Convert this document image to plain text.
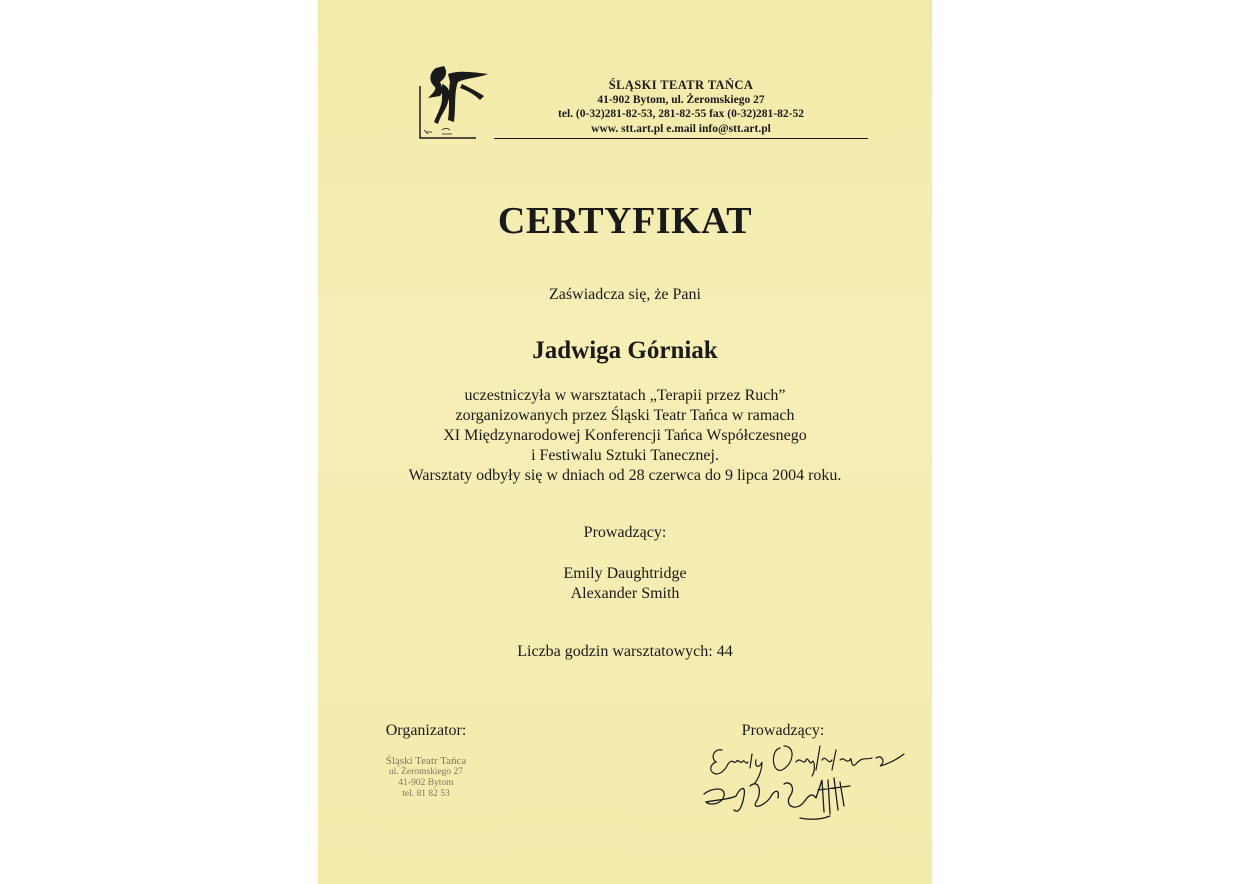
ŚLĄSKI TEATR TAŃCA
41-902 Bytom, ul. Żeromskiego 27
tel. (0-32)281-82-53, 281-82-55 fax (0-32)281-82-52
www. stt.art.pl e.mail info@stt.art.pl
CERTYFIKAT
Zaświadcza się, że Pani
Jadwiga Górniak
uczestniczyła w warsztatach „Terapii przez Ruch”
zorganizowanych przez Śląski Teatr Tańca w ramach
XI Międzynarodowej Konferencji Tańca Współczesnego
i Festiwalu Sztuki Tanecznej.
Warsztaty odbyły się w dniach od 28 czerwca do 9 lipca 2004 roku.
Prowadzący:
Emily Daughtridge
Alexander Smith
Liczba godzin warsztatowych: 44
Organizator:
Śląski Teatr Tańca
ul. Żeromskiego 27
41-902 Bytom
tel. 81 82 53
Prowadzący:
